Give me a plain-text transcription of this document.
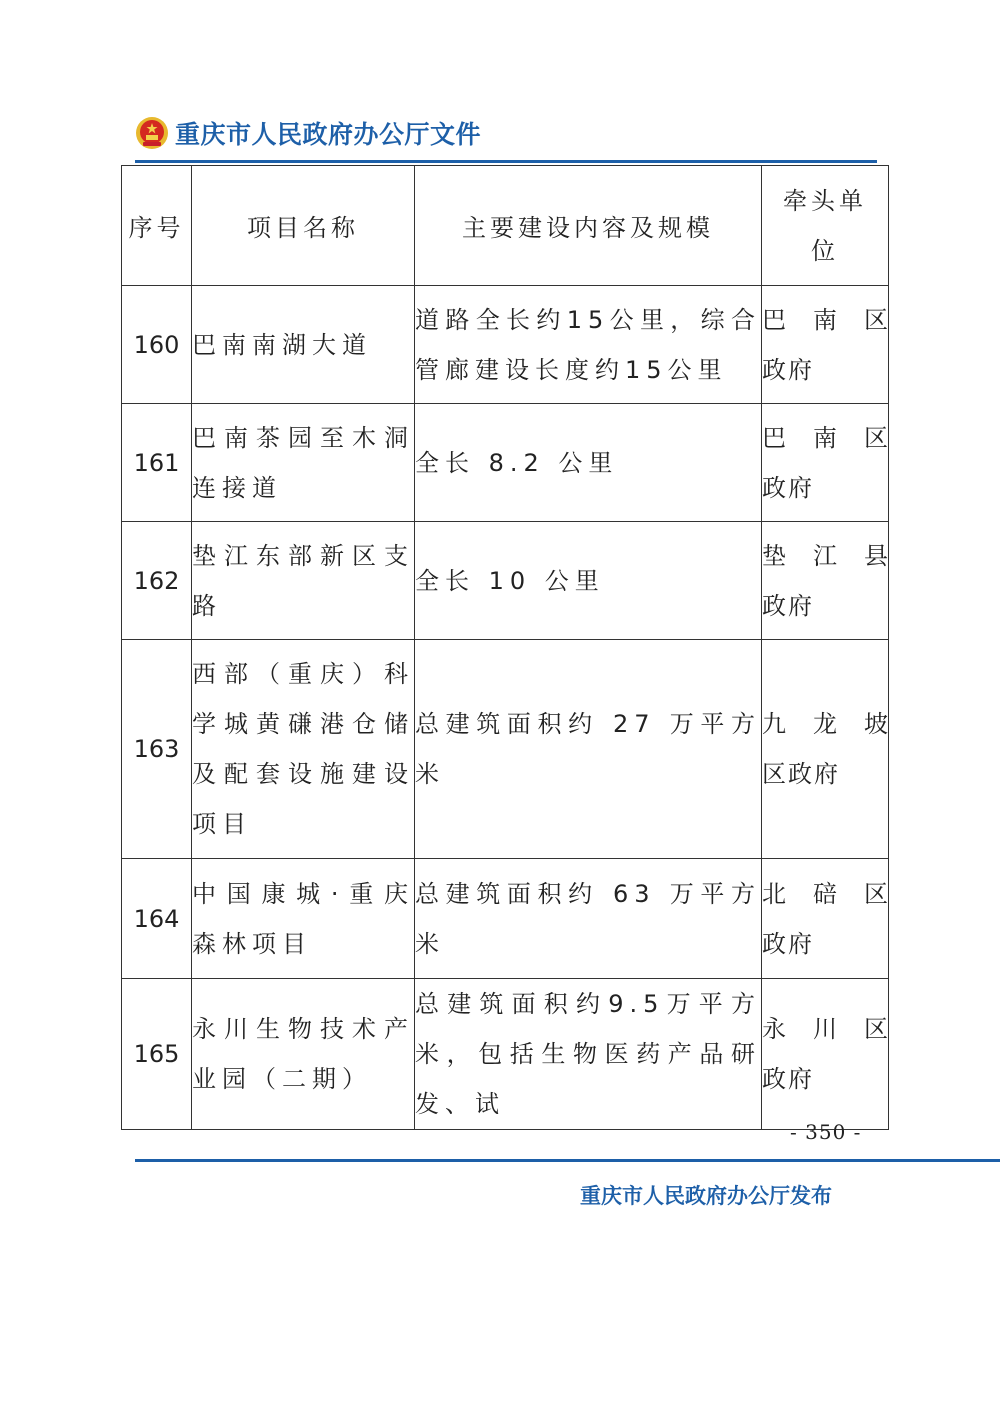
重庆市人民政府办公厅文件
序号	项目名称	主要建设内容及规模	牵头单位
160	巴南南湖大道	道路全长约15公里，综合管廊建设长度约15公里	巴 南 区
政府

161	巴南茶园至木洞连接道	全长 8.2 公里	巴 南 区
政府

162	垫江东部新区支路	全长 10 公里	垫 江 县
政府

163	西部（重庆）科学城黄磏港仓储及配套设施建设项目	总建筑面积约 27 万平方米	九 龙 坡
区政府

164	中国康城·重庆森林项目	总建筑面积约 63 万平方米	北 碚 区
政府

165	永川生物技术产业园（二期）	总建筑面积约9.5万平方米，包括生物医药产品研发、试	永 川 区
政府
- 350 -
重庆市人民政府办公厅发布
